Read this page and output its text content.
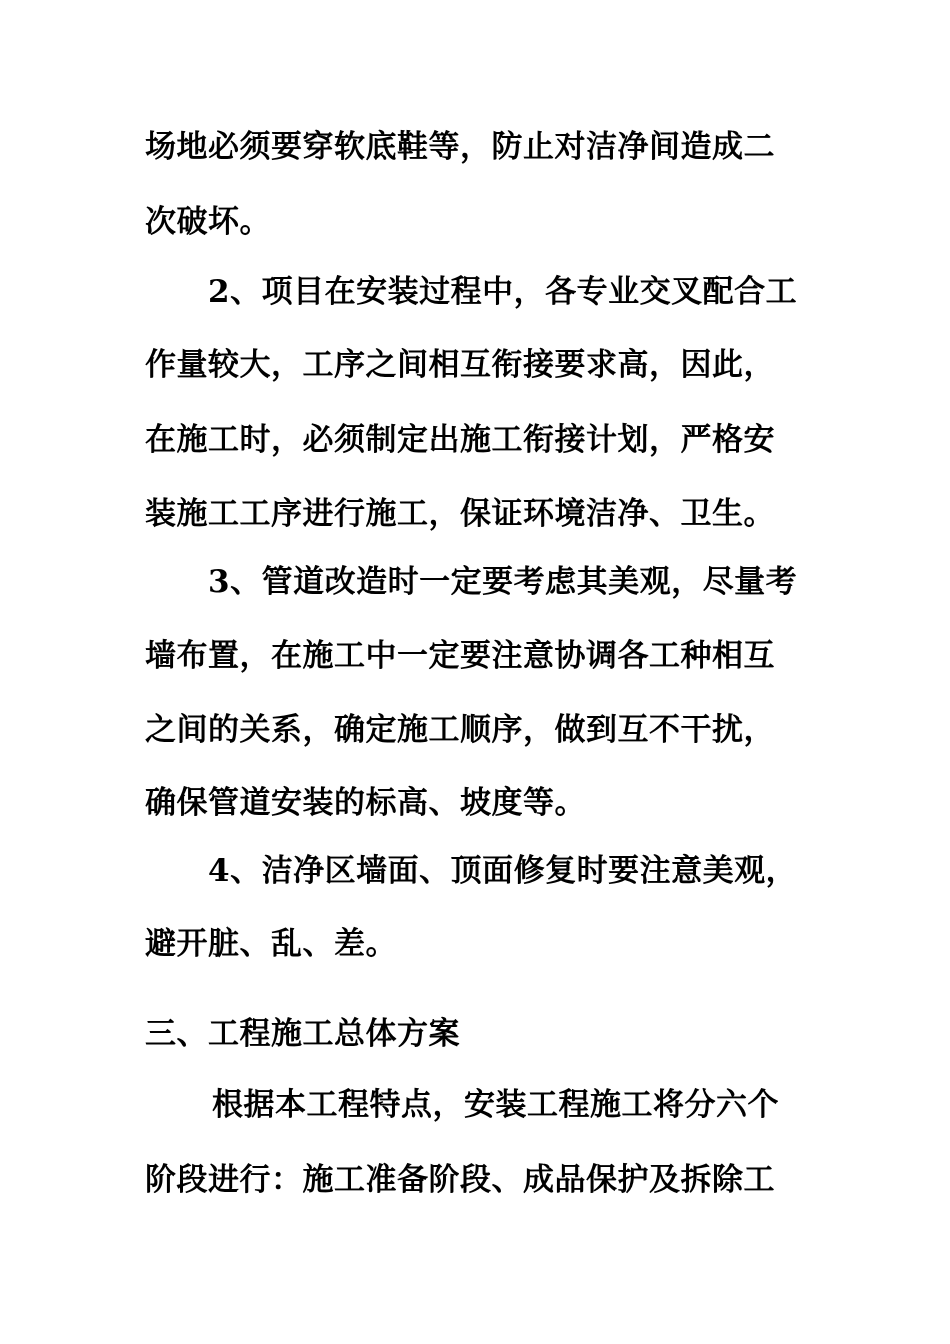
场地必须要穿软底鞋等，防止对洁净间造成二
次破坏。
2、项目在安装过程中，各专业交叉配合工
作量较大，工序之间相互衔接要求高，因此，
在施工时，必须制定出施工衔接计划，严格安
装施工工序进行施工，保证环境洁净、卫生。
3、管道改造时一定要考虑其美观，尽量考
墙布置，在施工中一定要注意协调各工种相互
之间的关系，确定施工顺序，做到互不干扰，
确保管道安装的标高、坡度等。
4、洁净区墙面、顶面修复时要注意美观，
避开脏、乱、差。
三、工程施工总体方案
根据本工程特点，安装工程施工将分六个
阶段进行：施工准备阶段、成品保护及拆除工
